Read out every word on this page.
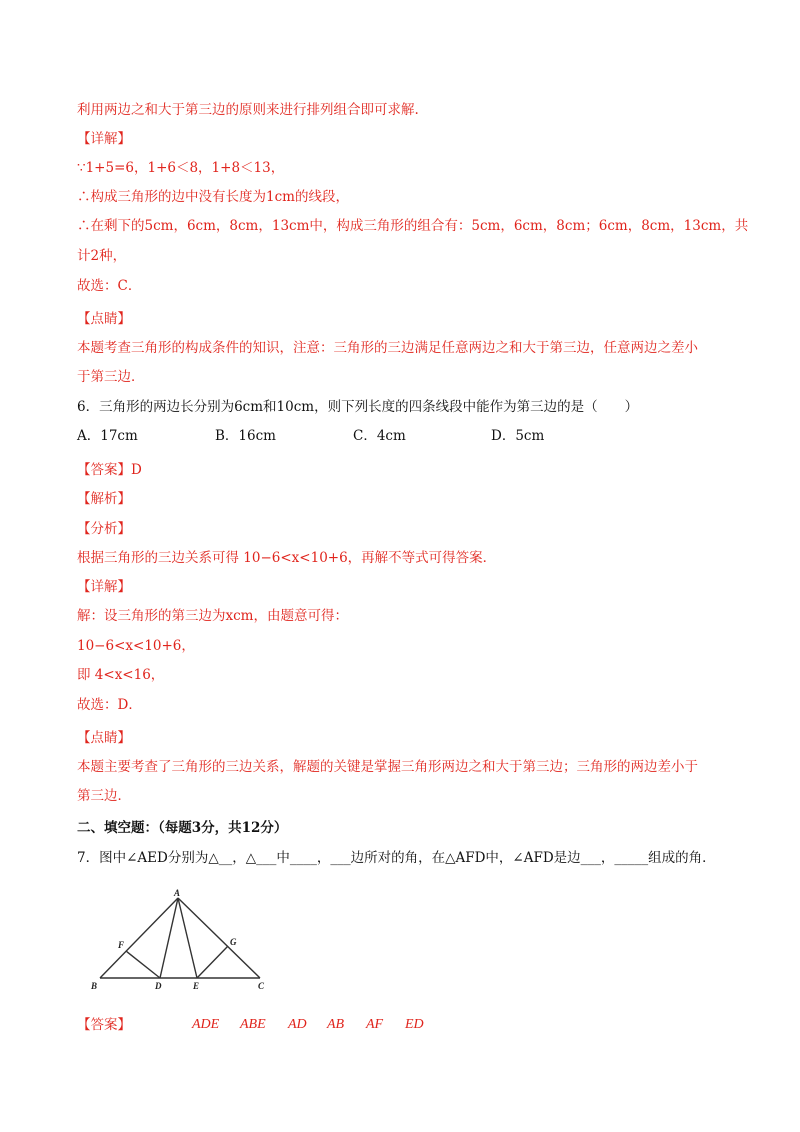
利用两边之和大于第三边的原则来进行排列组合即可求解.
【详解】
∵1+5=6，1+6＜8，1+8＜13，
∴构成三角形的边中没有长度为1cm的线段，
∴在剩下的5cm，6cm，8cm，13cm中，构成三角形的组合有：5cm，6cm，8cm；6cm，8cm，13cm，共
计2种，
故选：C．
【点睛】
本题考查三角形的构成条件的知识，注意：三角形的三边满足任意两边之和大于第三边，任意两边之差小
于第三边．
6．三角形的两边长分别为6cm和10cm，则下列长度的四条线段中能作为第三边的是（　　）
A．17cm	B．16cm	C．4cm	D．5cm
【答案】D
【解析】
【分析】
根据三角形的三边关系可得 10−6<x<10+6，再解不等式可得答案．
【详解】
解：设三角形的第三边为xcm，由题意可得：
10−6<x<10+6，
即 4<x<16，
故选：D．
【点睛】
本题主要考查了三角形的三边关系，解题的关键是掌握三角形两边之和大于第三边；三角形的两边差小于
第三边．
二、填空题：（每题3分，共12分）
7．图中∠AED分别为△__，△___中____，___边所对的角，在△AFD中，∠AFD是边___，_____组成的角．
A
F	G
B	D	E	C
【答案】	ADE ABE AD AB AF ED
